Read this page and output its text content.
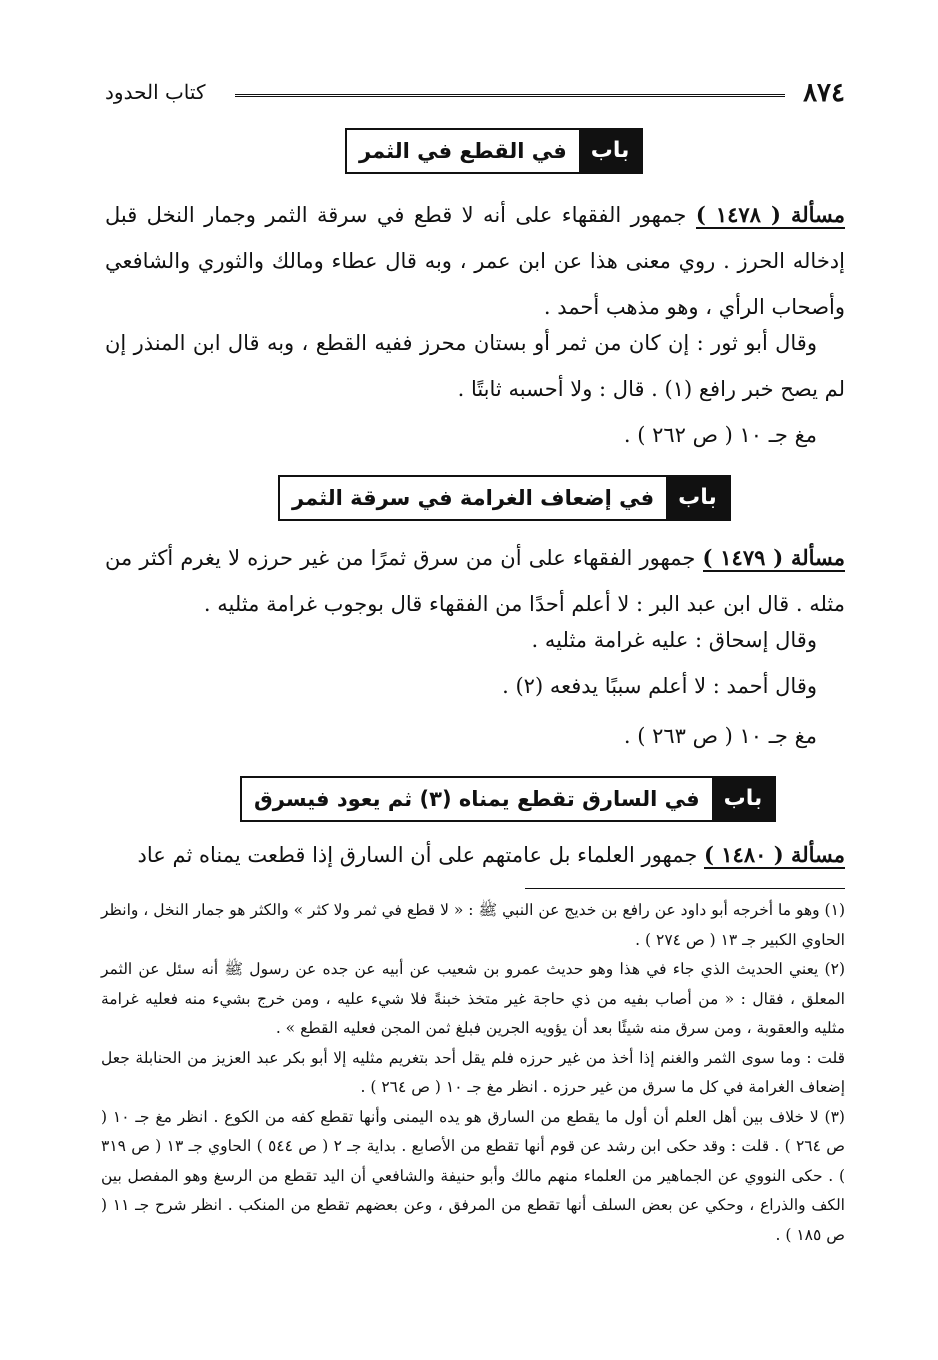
٨٧٤
كتاب الحدود
باب
في القطع في الثمر
مسألة ( ١٤٧٨ ) جمهور الفقهاء على أنه لا قطع في سرقة الثمر وجمار النخل قبل إدخاله الحرز . روي معنى هذا عن ابن عمر ، وبه قال عطاء ومالك والثوري والشافعي وأصحاب الرأي ، وهو مذهب أحمد .
وقال أبو ثور : إن كان من ثمر أو بستان محرز ففيه القطع ، وبه قال ابن المنذر إن لم يصح خبر رافع (١) . قال : ولا أحسبه ثابتًا .
مغ جـ ١٠ ( ص ٢٦٢ ) .
باب
في إضعاف الغرامة في سرقة الثمر
مسألة ( ١٤٧٩ ) جمهور الفقهاء على أن من سرق ثمرًا من غير حرزه لا يغرم أكثر من مثله . قال ابن عبد البر : لا أعلم أحدًا من الفقهاء قال بوجوب غرامة مثليه .
وقال إسحاق : عليه غرامة مثليه .
وقال أحمد : لا أعلم سببًا يدفعه (٢) .
مغ جـ ١٠ ( ص ٢٦٣ ) .
باب
في السارق تقطع يمناه (٣) ثم يعود فيسرق
مسألة ( ١٤٨٠ ) جمهور العلماء بل عامتهم على أن السارق إذا قطعت يمناه ثم عاد

(١) وهو ما أخرجه أبو داود عن رافع بن خديج عن النبي ﷺ : « لا قطع في ثمر ولا كثر » والكثر هو جمار النخل ، وانظر الحاوي الكبير جـ ١٣ ( ص ٢٧٤ ) .

(٢) يعني الحديث الذي جاء في هذا وهو حديث عمرو بن شعيب عن أبيه عن جده عن رسول ﷺ أنه سئل عن الثمر المعلق ، فقال : « من أصاب بفيه من ذي حاجة غير متخذ خبنةً فلا شيء عليه ، ومن خرج بشيء منه فعليه غرامة مثليه والعقوبة ، ومن سرق منه شيئًا بعد أن يؤويه الجرين فبلغ ثمن المجن فعليه القطع » .

قلت : وما سوى الثمر والغنم إذا أخذ من غير حرزه فلم يقل أحد بتغريم مثليه إلا أبو بكر عبد العزيز من الحنابلة جعل إضعاف الغرامة في كل ما سرق من غير حرزه . انظر مغ جـ ١٠ ( ص ٢٦٤ ) .

(٣) لا خلاف بين أهل العلم أن أول ما يقطع من السارق هو يده اليمنى وأنها تقطع كفه من الكوع . انظر مغ جـ ١٠ ( ص ٢٦٤ ) . قلت : وقد حكى ابن رشد عن قوم أنها تقطع من الأصابع . بداية جـ ٢ ( ص ٥٤٤ ) الحاوي جـ ١٣ ( ص ٣١٩ ) . حكى النووي عن الجماهير من العلماء منهم مالك وأبو حنيفة والشافعي أن اليد تقطع من الرسغ وهو المفصل بين الكف والذراع ، وحكي عن بعض السلف أنها تقطع من المرفق ، وعن بعضهم تقطع من المنكب . انظر شرح جـ ١١ ( ص ١٨٥ ) .
